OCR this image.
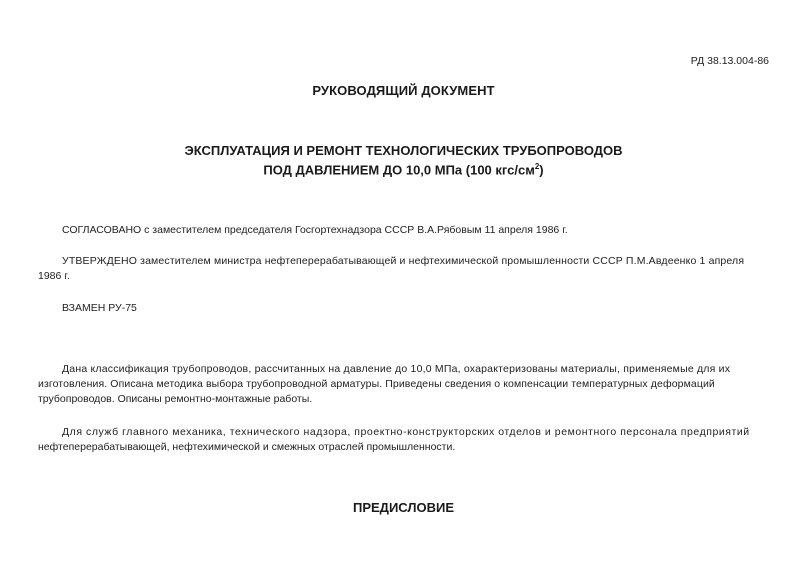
РД 38.13.004-86
РУКОВОДЯЩИЙ ДОКУМЕНТ
ЭКСПЛУАТАЦИЯ И РЕМОНТ ТЕХНОЛОГИЧЕСКИХ ТРУБОПРОВОДОВ
ПОД ДАВЛЕНИЕМ ДО 10,0 МПа (100 кгс/$см^2$)
СОГЛАСОВАНО с заместителем председателя Госгортехнадзора СССР В.А.Рябовым 11 апреля 1986 г.
УТВЕРЖДЕНО заместителем министра нефтеперерабатывающей и нефтехимической промышленности СССР П.М.Авдеенко 1 апреля
1986 г.
ВЗАМЕН РУ-75
Дана классификация трубопроводов, рассчитанных на давление до 10,0 МПа, охарактеризованы материалы, применяемые для их
изготовления. Описана методика выбора трубопроводной арматуры. Приведены сведения о компенсации температурных деформаций
трубопроводов. Описаны ремонтно-монтажные работы.
Для служб главного механика, технического надзора, проектно-конструкторских отделов и ремонтного персонала предприятий
нефтеперерабатывающей, нефтехимической и смежных отраслей промышленности.
ПРЕДИСЛОВИЕ
